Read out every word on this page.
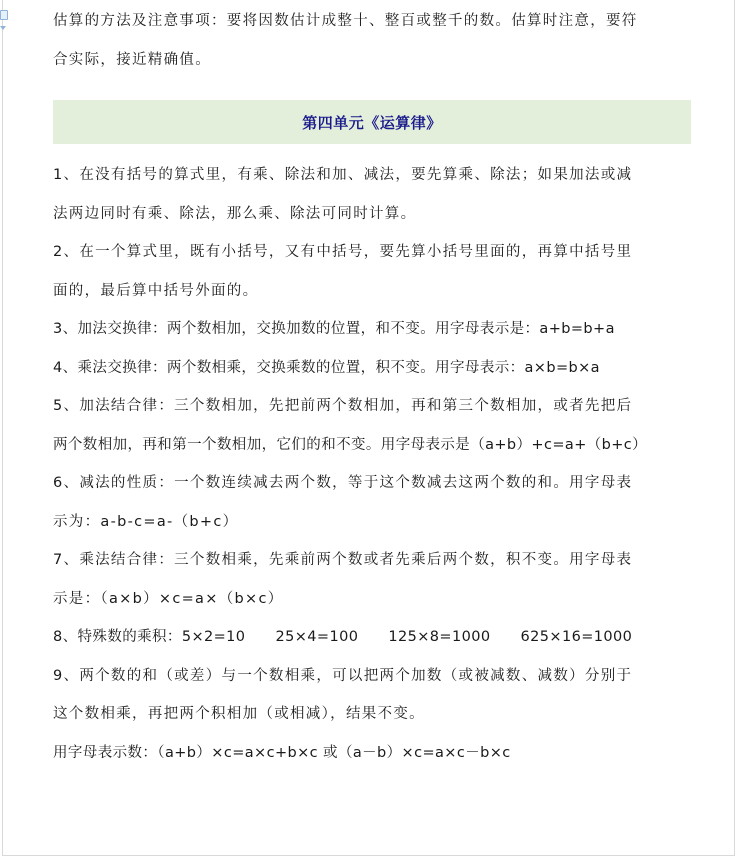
估算的方法及注意事项：要将因数估计成整十、整百或整千的数。估算时注意，要符
合实际，接近精确值。
第四单元《运算律》
1、在没有括号的算式里，有乘、除法和加、减法，要先算乘、除法；如果加法或减
法两边同时有乘、除法，那么乘、除法可同时计算。
2、在一个算式里，既有小括号，又有中括号，要先算小括号里面的，再算中括号里
面的，最后算中括号外面的。
3、加法交换律：两个数相加，交换加数的位置，和不变。用字母表示是：a+b=b+a
4、乘法交换律：两个数相乘，交换乘数的位置，积不变。用字母表示：a×b=b×a
5、加法结合律：三个数相加，先把前两个数相加，再和第三个数相加，或者先把后
两个数相加，再和第一个数相加，它们的和不变。用字母表示是（a+b）+c=a+（b+c）
6、减法的性质：一个数连续减去两个数，等于这个数减去这两个数的和。用字母表
示为：a-b-c=a-（b+c）
7、乘法结合律：三个数相乘，先乘前两个数或者先乘后两个数，积不变。用字母表
示是：（a×b）×c=a×（b×c）
8、特殊数的乘积：5×2=10      25×4=100      125×8=1000      625×16=1000
9、两个数的和（或差）与一个数相乘，可以把两个加数（或被减数、减数）分别于
这个数相乘，再把两个积相加（或相减），结果不变。
用字母表示数：（a+b）×c=a×c+b×c 或（a－b）×c=a×c－b×c
